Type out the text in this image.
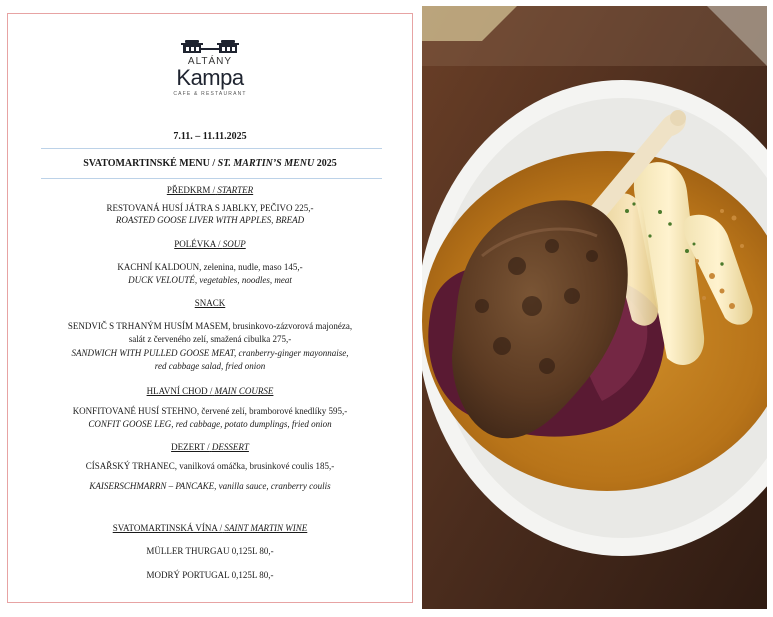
ALTÁNY
Kampa
CAFE & RESTAURANT
7.11. – 11.11.2025
SVATOMARTINSKÉ MENU / ST. MARTIN’S MENU 2025
PŘEDKRM / STARTER
RESTOVANÁ HUSÍ JÁTRA S JABLKY, PEČIVO 225,-
ROASTED GOOSE LIVER WITH APPLES, BREAD
POLÉVKA / SOUP
KACHNÍ KALDOUN, zelenina, nudle, maso 145,-
DUCK VELOUTÉ, vegetables, noodles, meat
SNACK
SENDVIČ S TRHANÝM HUSÍM MASEM, brusinkovo-zázvorová majonéza,
salát z červeného zelí, smažená cibulka 275,-
SANDWICH WITH PULLED GOOSE MEAT, cranberry-ginger mayonnaise,
red cabbage salad, fried onion
HLAVNÍ CHOD / MAIN COURSE
KONFITOVANÉ HUSÍ STEHNO, červené zelí, bramborové knedlíky 595,-
CONFIT GOOSE LEG, red cabbage, potato dumplings, fried onion
DEZERT / DESSERT
CÍSAŘSKÝ TRHANEC, vanilková omáčka, brusinkové coulis 185,-
KAISERSCHMARRN – PANCAKE, vanilla sauce, cranberry coulis
SVATOMARTINSKÁ VÍNA / SAINT MARTIN WINE
MÜLLER THURGAU 0,125L 80,-
MODRÝ PORTUGAL 0,125L 80,-
